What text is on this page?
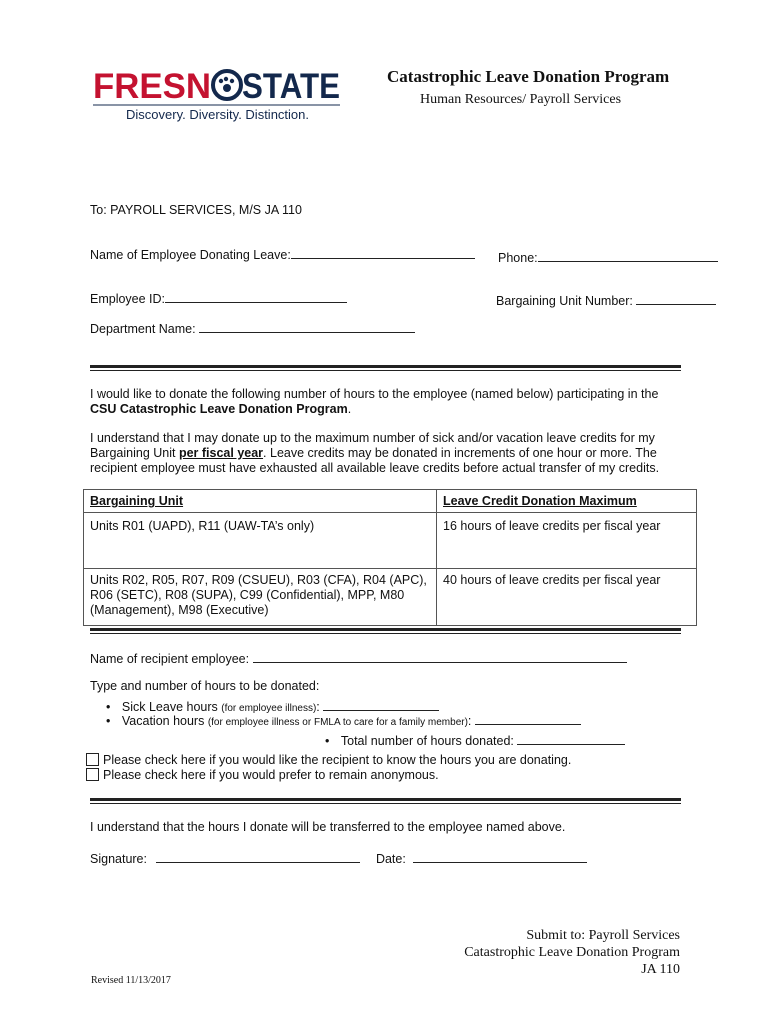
FRESN STATE
Discovery. Diversity. Distinction.
Catastrophic Leave Donation Program
Human Resources/ Payroll Services
To: PAYROLL SERVICES, M/S JA 110
Name of Employee Donating Leave:	Phone:
Employee ID:	Bargaining Unit Number:
Department Name:
I would like to donate the following number of hours to the employee (named below) participating in the
CSU Catastrophic Leave Donation Program.
I understand that I may donate up to the maximum number of sick and/or vacation leave credits for my
Bargaining Unit per fiscal year. Leave credits may be donated in increments of one hour or more. The
recipient employee must have exhausted all available leave credits before actual transfer of my credits.
Bargaining Unit	Leave Credit Donation Maximum
Units R01 (UAPD), R11 (UAW-TA’s only)	16 hours of leave credits per fiscal year
Units R02, R05, R07, R09 (CSUEU), R03 (CFA), R04 (APC), R06 (SETC), R08 (SUPA), C99 (Confidential), MPP, M80 (Management), M98 (Executive)	40 hours of leave credits per fiscal year
Name of recipient employee:
Type and number of hours to be donated:
• Sick Leave hours (for employee illness):
• Vacation hours (for employee illness or FMLA to care for a family member):
• Total number of hours donated:
Please check here if you would like the recipient to know the hours you are donating.
Please check here if you would prefer to remain anonymous.
I understand that the hours I donate will be transferred to the employee named above.
Signature:	Date:
Submit to: Payroll Services
Catastrophic Leave Donation Program
JA 110
Revised 11/13/2017
